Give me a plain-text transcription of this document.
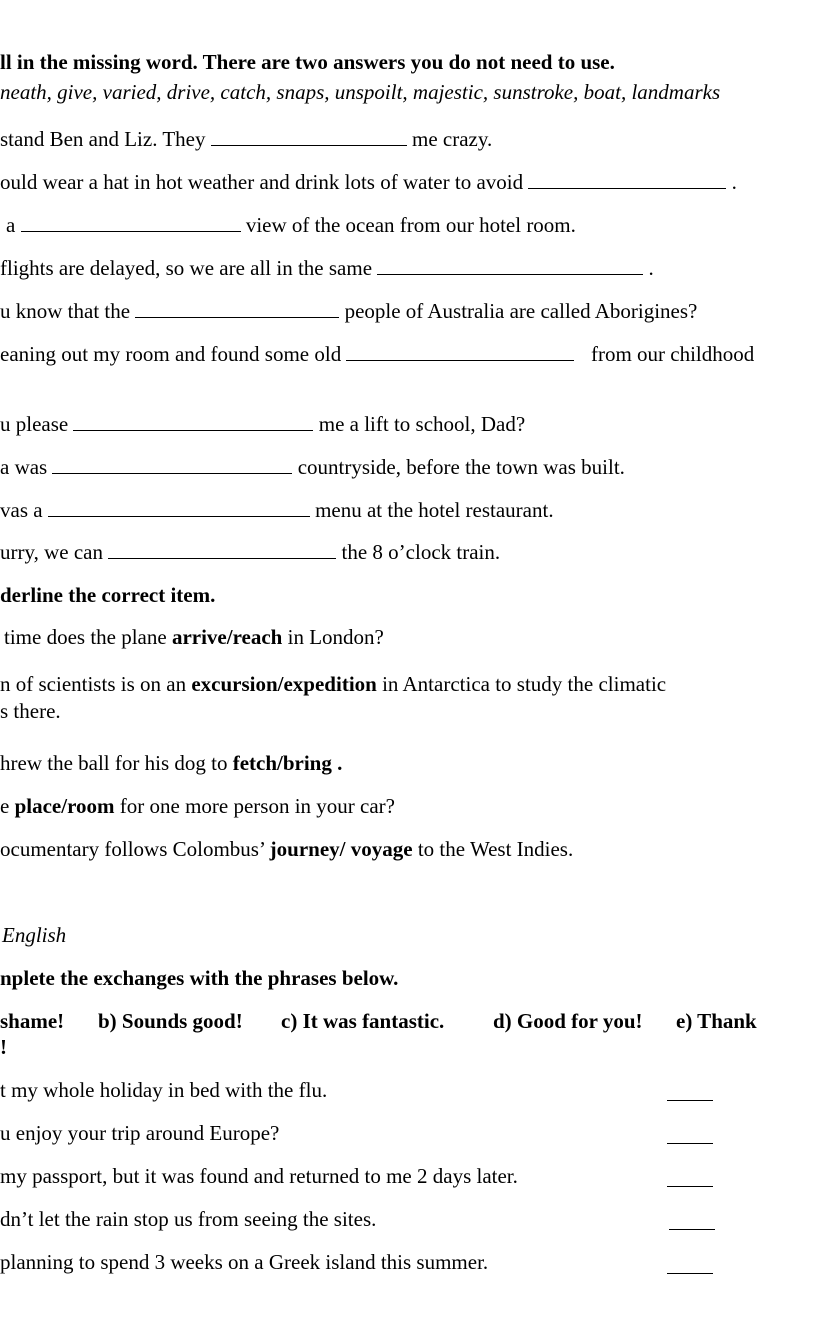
ll in the missing word. There are two answers you do not need to use.
neath, give, varied, drive, catch, snaps, unspoilt, majestic, sunstroke, boat, landmarks
stand Ben and Liz. They	me crazy.
ould wear a hat in hot weather and drink lots of water to avoid	.
a	view of the ocean from our hotel room.
flights are delayed, so we are all in the same	.
u know that the	people of Australia are called Aborigines?
eaning out my room and found some old	from our childhood
u please	me a lift to school, Dad?
a was	countryside, before the town was built.
vas a	menu at the hotel restaurant.
urry, we can	the 8 o’clock train.
derline the correct item.
time does the plane arrive/reach in London?
n of scientists is on an excursion/expedition in Antarctica to study the climatic
s there.
hrew the ball for his dog to fetch/bring .
e place/room for one more person in your car?
ocumentary follows Colombus’ journey/ voyage to the West Indies.
English
nplete the exchanges with the phrases below.
shame! b) Sounds good! c) It was fantastic. d) Good for you! e) Thank
!
t my whole holiday in bed with the flu.
u enjoy your trip around Europe?
my passport, but it was found and returned to me 2 days later.
dn’t let the rain stop us from seeing the sites.
planning to spend 3 weeks on a Greek island this summer.
